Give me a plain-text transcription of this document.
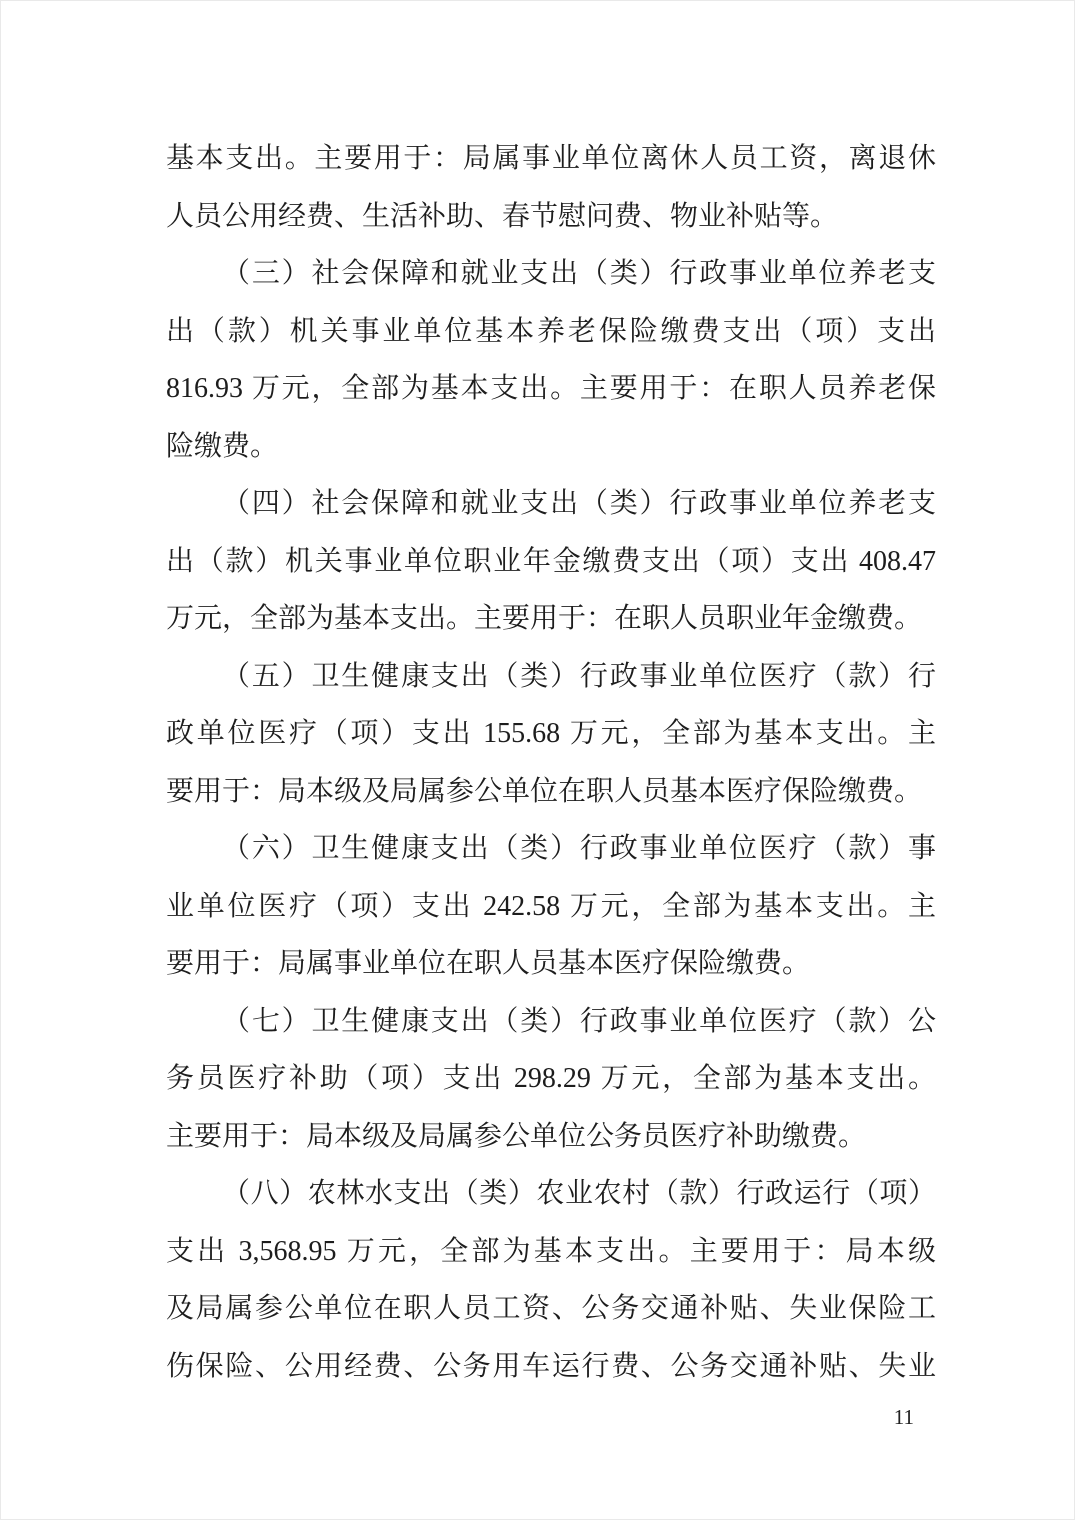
基本支出。主要用于：局属事业单位离休人员工资，离退休
人员公用经费、生活补助、春节慰问费、物业补贴等。
（三）社会保障和就业支出（类）行政事业单位养老支
出（款）机关事业单位基本养老保险缴费支出（项）支出
816.93 万元，全部为基本支出。主要用于：在职人员养老保
险缴费。
（四）社会保障和就业支出（类）行政事业单位养老支
出（款）机关事业单位职业年金缴费支出（项）支出 408.47
万元，全部为基本支出。主要用于：在职人员职业年金缴费。
（五）卫生健康支出（类）行政事业单位医疗（款）行
政单位医疗（项）支出 155.68 万元，全部为基本支出。主
要用于：局本级及局属参公单位在职人员基本医疗保险缴费。
（六）卫生健康支出（类）行政事业单位医疗（款）事
业单位医疗（项）支出 242.58 万元，全部为基本支出。主
要用于：局属事业单位在职人员基本医疗保险缴费。
（七）卫生健康支出（类）行政事业单位医疗（款）公
务员医疗补助（项）支出 298.29 万元，全部为基本支出。
主要用于：局本级及局属参公单位公务员医疗补助缴费。
（八）农林水支出（类）农业农村（款）行政运行（项）
支出 3,568.95 万元，全部为基本支出。主要用于：局本级
及局属参公单位在职人员工资、公务交通补贴、失业保险工
伤保险、公用经费、公务用车运行费、公务交通补贴、失业
11
